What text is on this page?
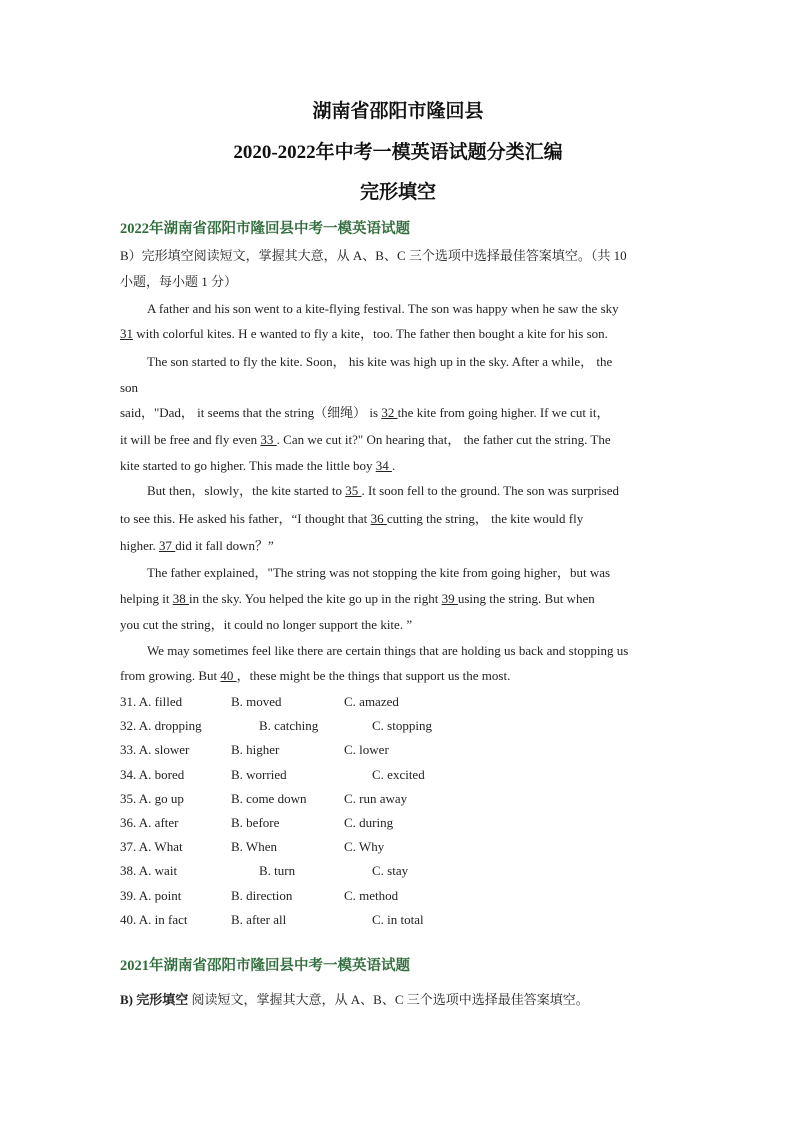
湖南省邵阳市隆回县
2020-2022年中考一模英语试题分类汇编
完形填空
2022年湖南省邵阳市隆回县中考一模英语试题
B）完形填空阅读短文，掌握其大意，从 A、B、C 三个选项中选择最佳答案填空。（共 10
小题，每小题 1 分）
A father and his son went to a kite-flying festival. The son was happy when he saw the sky
31 with colorful kites. H e wanted to fly a kite，too. The father then bought a kite for his son.
The son started to fly the kite. Soon， his kite was high up in the sky. After a while， the
son
said，"Dad， it seems that the string（细绳） is 32 the kite from going higher. If we cut it，
it will be free and fly even 33 . Can we cut it?" On hearing that， the father cut the string. The
kite started to go higher. This made the little boy 34 .
But then，slowly，the kite started to 35 . It soon fell to the ground. The son was surprised
to see this. He asked his father，“I thought that 36 cutting the string， the kite would fly
higher. 37 did it fall down？”
The father explained，"The string was not stopping the kite from going higher，but was
helping it 38 in the sky. You helped the kite go up in the right 39 using the string. But when
you cut the string，it could no longer support the kite. ”
We may sometimes feel like there are certain things that are holding us back and stopping us
from growing. But 40 ，these might be the things that support us the most.
31. A. filled	B. moved	C. amazed
32. A. dropping	B. catching	C. stopping
33. A. slower	B. higher	C. lower
34. A. bored	B. worried	C. excited
35. A. go up	B. come down	C. run away
36. A. after	B. before	C. during
37. A. What	B. When	C. Why
38. A. wait	B. turn	C. stay
39. A. point	B. direction	C. method
40. A. in fact	B. after all	C. in total
2021年湖南省邵阳市隆回县中考一模英语试题
B) 完形填空 阅读短文，掌握其大意，从 A、B、C 三个选项中选择最佳答案填空。
